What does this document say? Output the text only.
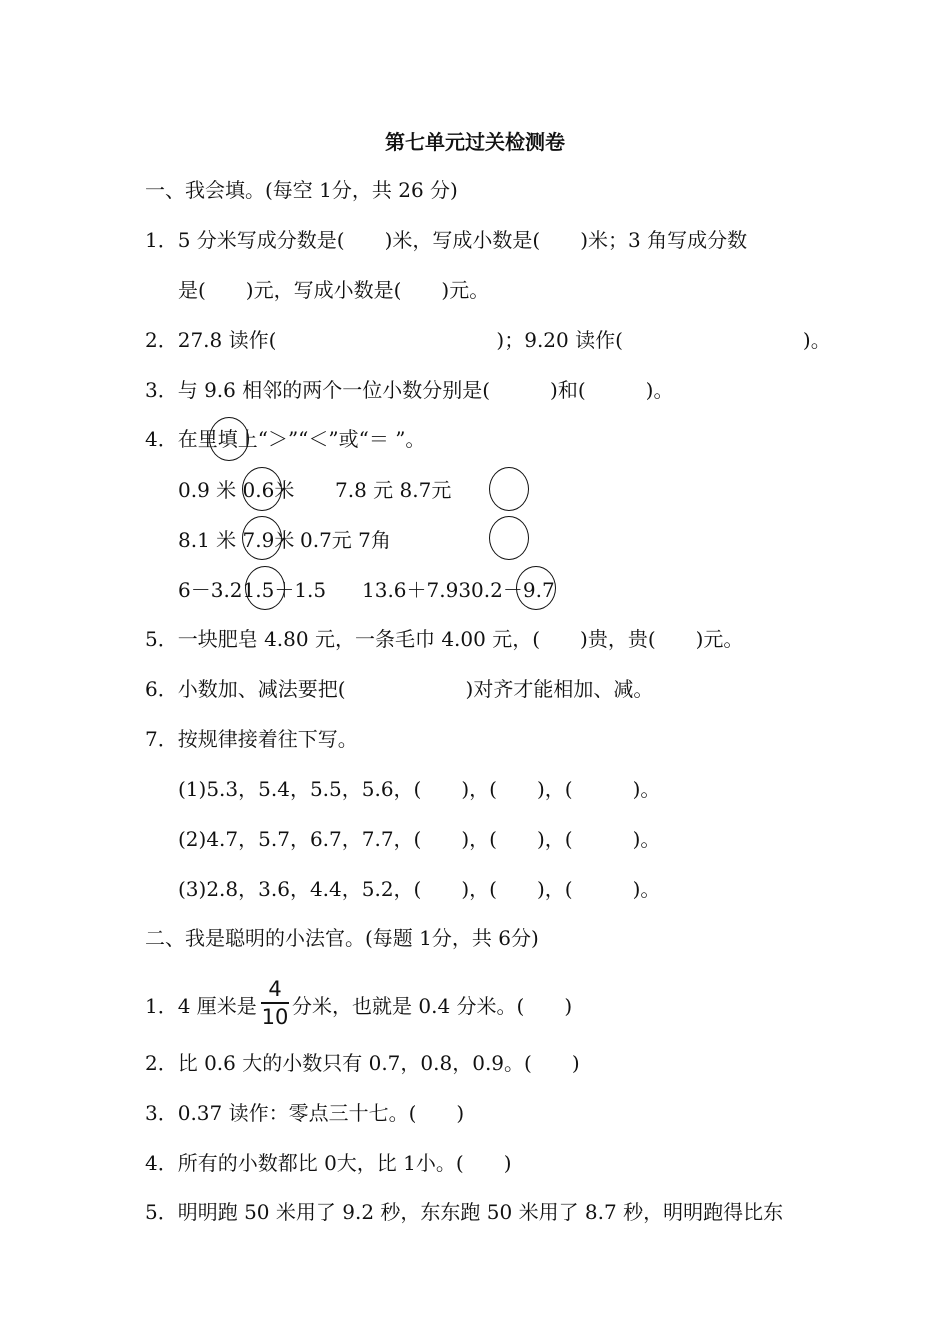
第七单元过关检测卷
一、我会填。(每空 1分，共 26 分)
1．5 分米写成分数是(　　)米，写成小数是(　　)米；3 角写成分数
是(　　)元，写成小数是(　　)元。
2．27.8 读作(　　　　　　　　　　　)；9.20 读作(　　　　　　　　　)。
3．与 9.6 相邻的两个一位小数分别是(　　　)和(　　　)。
4．在里填上“＞”“＜”或“＝ ”。
0.9 米 0.6米 7.8 元 8.7元
8.1 米 7.9米 0.7元 7角
6－3.21.5＋1.5 13.6＋7.930.2－9.7
5．一块肥皂 4.80 元，一条毛巾 4.00 元，(　　)贵，贵(　　)元。
6．小数加、减法要把(　　　　　　)对齐才能相加、减。
7．按规律接着往下写。
(1)5.3，5.4，5.5，5.6，(　　)，(　　)，(　　　)。
(2)4.7，5.7，6.7，7.7，(　　)，(　　)，(　　　)。
(3)2.8，3.6，4.4，5.2，(　　)，(　　)，(　　　)。
二、我是聪明的小法官。(每题 1分，共 6分)
1．4 厘米是
4
10 分米，也就是 0.4 分米。(　　)
2．比 0.6 大的小数只有 0.7，0.8，0.9。(　　)
3．0.37 读作：零点三十七。(　　)
4．所有的小数都比 0大，比 1小。(　　)
5．明明跑 50 米用了 9.2 秒，东东跑 50 米用了 8.7 秒，明明跑得比东
